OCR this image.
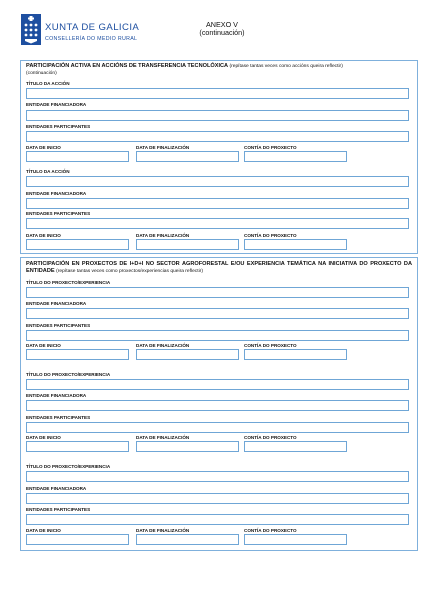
XUNTA DE GALICIA
CONSELLERÍA DO MEDIO RURAL
ANEXO V
(continuación)
PARTICIPACIÓN ACTIVA EN ACCIÓNS DE TRANSFERENCIA TECNOLÓXICA (repítase tantas veces como accións queira reflectir)
(continuación)
TÍTULO DA ACCIÓN
ENTIDADE FINANCIADORA
ENTIDADES PARTICIPANTES
DATA DE INICIO	DATA DE FINALIZACIÓN	CONTÍA DO PROXECTO
TÍTULO DA ACCIÓN
ENTIDADE FINANCIADORA
ENTIDADES PARTICIPANTES
DATA DE INICIO	DATA DE FINALIZACIÓN	CONTÍA DO PROXECTO
PARTICIPACIÓN EN PROXECTOS DE I+D+I NO SECTOR AGROFORESTAL E/OU EXPERIENCIA TEMÁTICA NA INICIATIVA DO PROXECTO DA ENTIDADE (repítase tantas veces como proxectos/experiencias queira reflectir)
TÍTULO DO PROXECTO/EXPERIENCIA
ENTIDADE FINANCIADORA
ENTIDADES PARTICIPANTES
DATA DE INICIO	DATA DE FINALIZACIÓN	CONTÍA DO PROXECTO
TÍTULO DO PROXECTO/EXPERIENCIA
ENTIDADE FINANCIADORA
ENTIDADES PARTICIPANTES
DATA DE INICIO	DATA DE FINALIZACIÓN	CONTÍA DO PROXECTO
TÍTULO DO PROXECTO/EXPERIENCIA
ENTIDADE FINANCIADORA
ENTIDADES PARTICIPANTES
DATA DE INICIO	DATA DE FINALIZACIÓN	CONTÍA DO PROXECTO
